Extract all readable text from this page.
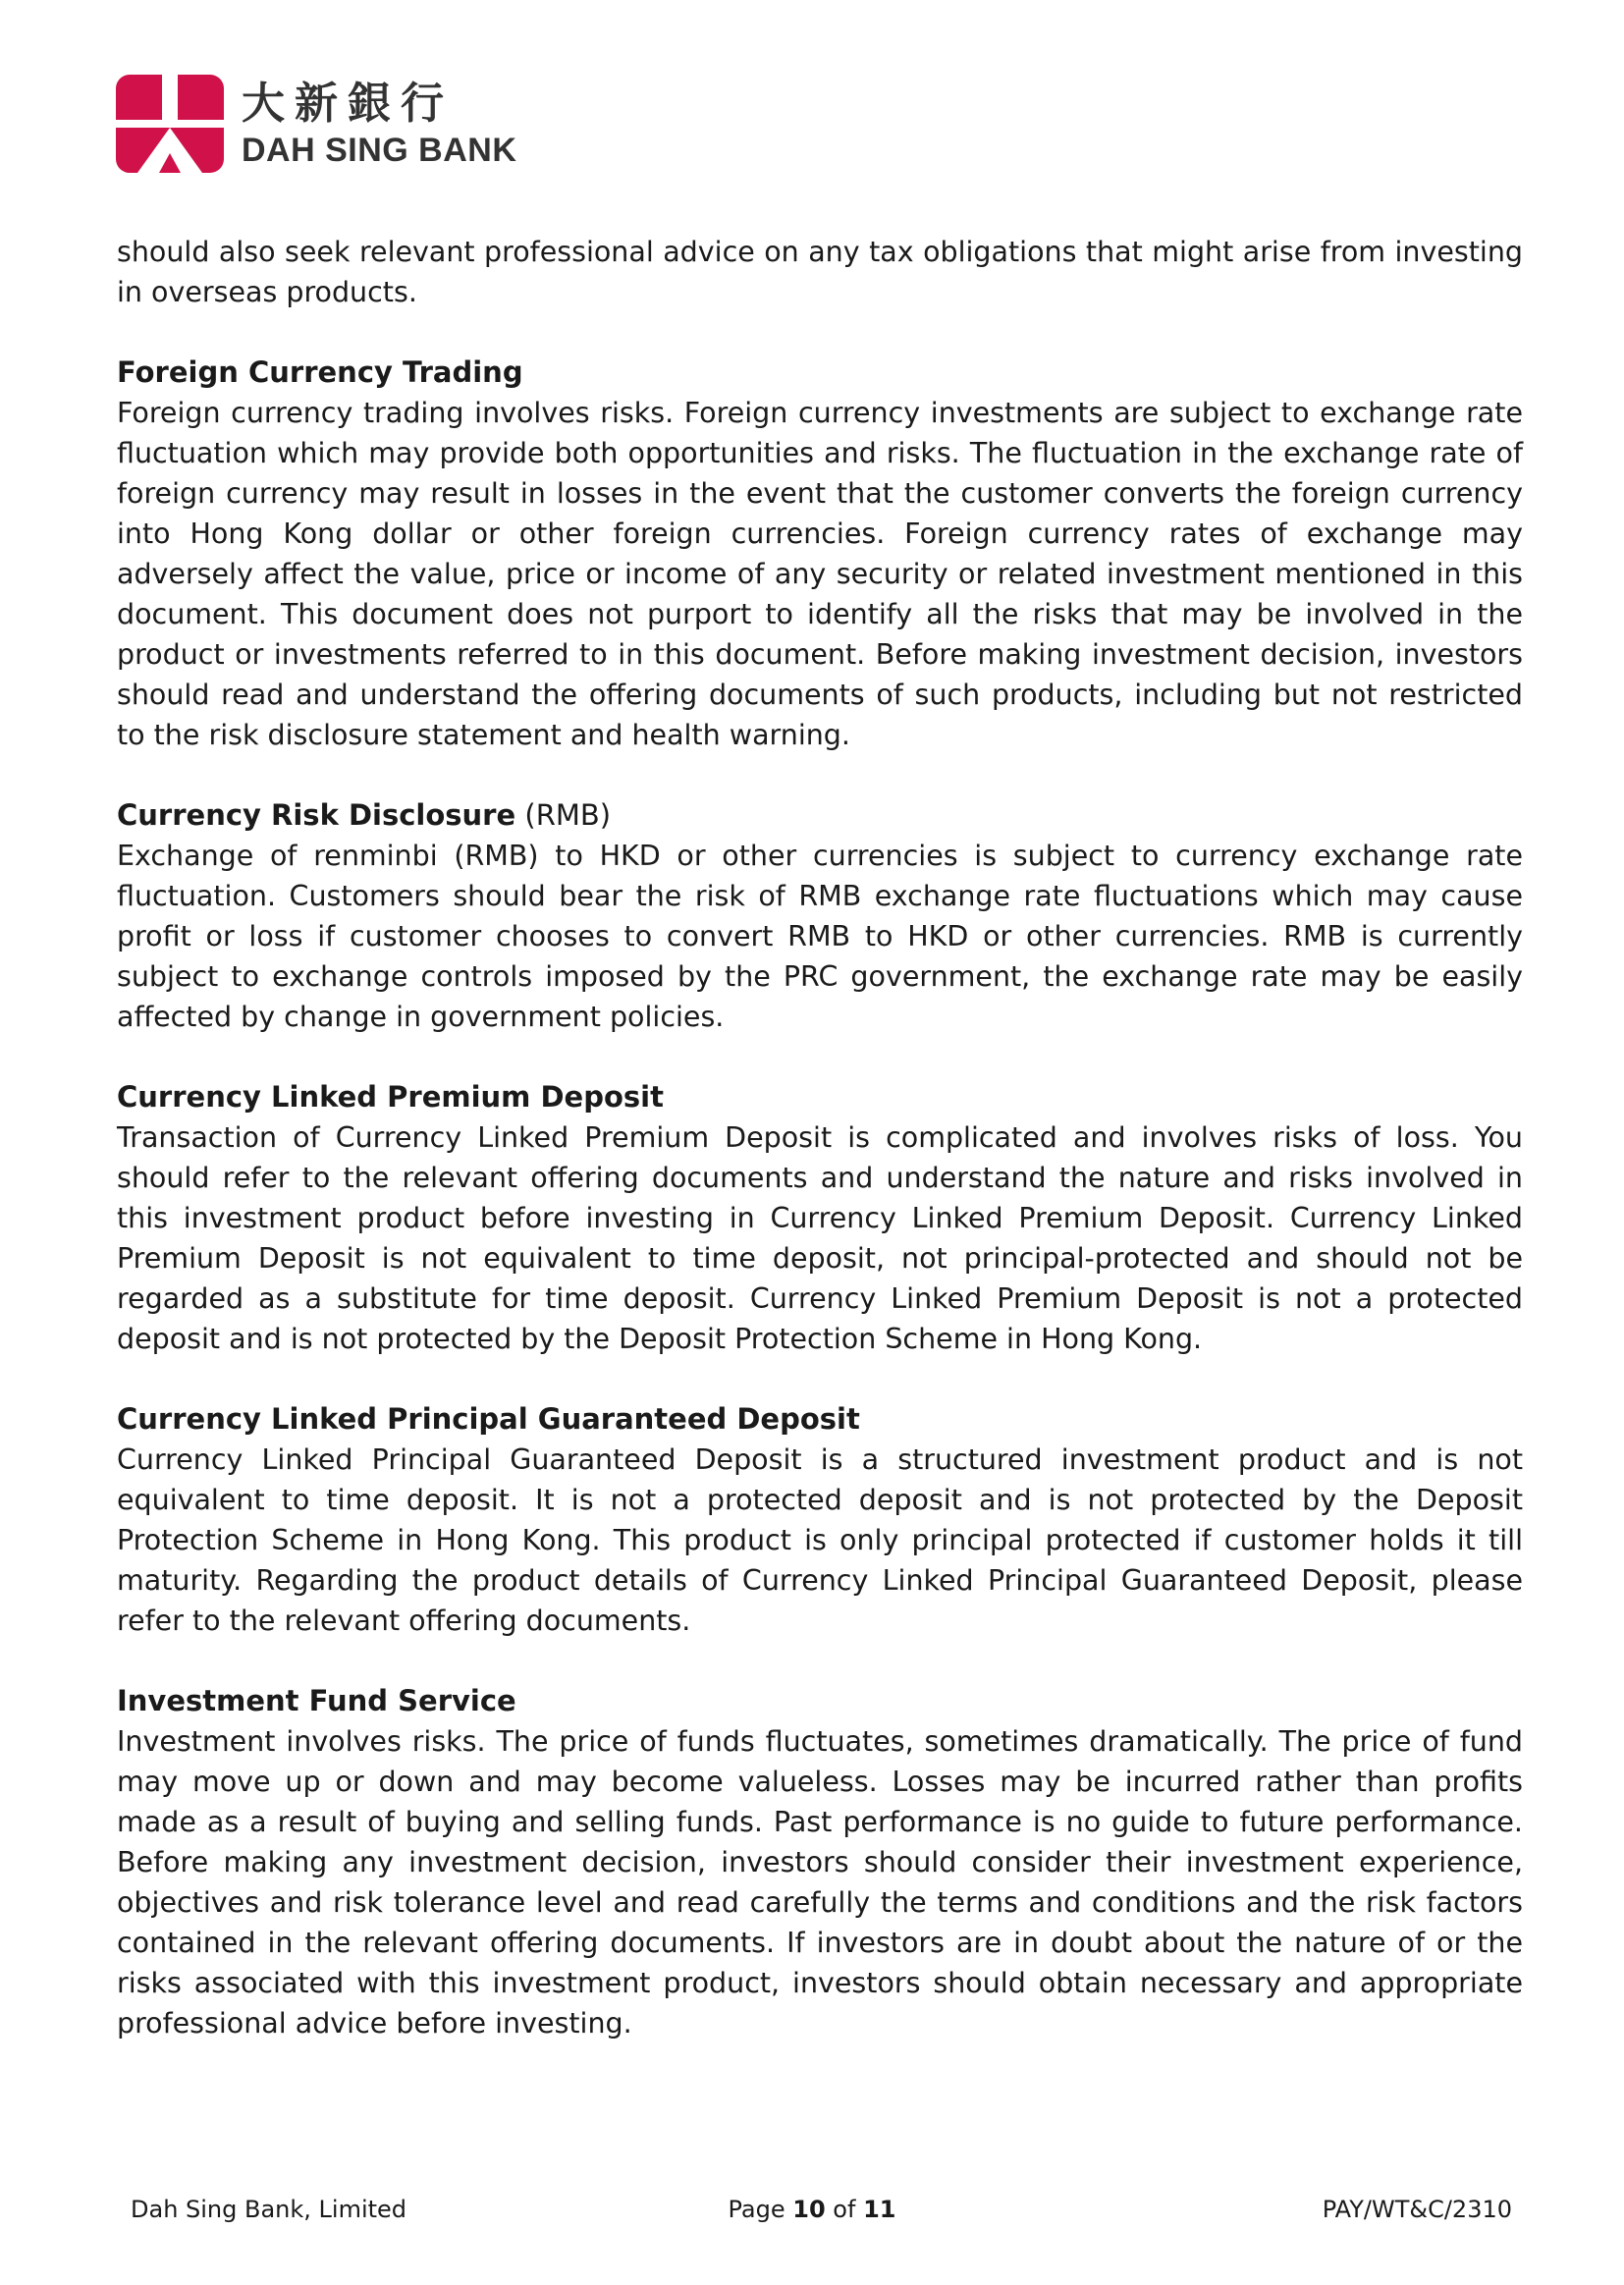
大新銀行
DAH SING BANK

should also seek relevant professional advice on any tax obligations that might arise from investing in overseas products.

Foreign Currency Trading

Foreign currency trading involves risks. Foreign currency investments are subject to exchange rate fluctuation which may provide both opportunities and risks. The fluctuation in the exchange rate of foreign currency may result in losses in the event that the customer converts the foreign currency into Hong Kong dollar or other foreign currencies. Foreign currency rates of exchange may adversely affect the value, price or income of any security or related investment mentioned in this document. This document does not purport to identify all the risks that may be involved in the product or investments referred to in this document. Before making investment decision, investors should read and understand the offering documents of such products, including but not restricted to the risk disclosure statement and health warning.

Currency Risk Disclosure (RMB)

Exchange of renminbi (RMB) to HKD or other currencies is subject to currency exchange rate fluctuation. Customers should bear the risk of RMB exchange rate fluctuations which may cause profit or loss if customer chooses to convert RMB to HKD or other currencies. RMB is currently subject to exchange controls imposed by the PRC government, the exchange rate may be easily affected by change in government policies.

Currency Linked Premium Deposit

Transaction of Currency Linked Premium Deposit is complicated and involves risks of loss. You should refer to the relevant offering documents and understand the nature and risks involved in this investment product before investing in Currency Linked Premium Deposit. Currency Linked Premium Deposit is not equivalent to time deposit, not principal-protected and should not be regarded as a substitute for time deposit. Currency Linked Premium Deposit is not a protected deposit and is not protected by the Deposit Protection Scheme in Hong Kong.

Currency Linked Principal Guaranteed Deposit

Currency Linked Principal Guaranteed Deposit is a structured investment product and is not equivalent to time deposit. It is not a protected deposit and is not protected by the Deposit Protection Scheme in Hong Kong. This product is only principal protected if customer holds it till maturity. Regarding the product details of Currency Linked Principal Guaranteed Deposit, please refer to the relevant offering documents.

Investment Fund Service

Investment involves risks. The price of funds fluctuates, sometimes dramatically. The price of fund may move up or down and may become valueless. Losses may be incurred rather than profits made as a result of buying and selling funds. Past performance is no guide to future performance. Before making any investment decision, investors should consider their investment experience, objectives and risk tolerance level and read carefully the terms and conditions and the risk factors contained in the relevant offering documents. If investors are in doubt about the nature of or the risks associated with this investment product, investors should obtain necessary and appropriate professional advice before investing.

Dah Sing Bank, Limited	Page 10 of 11	PAY/WT&C/2310
